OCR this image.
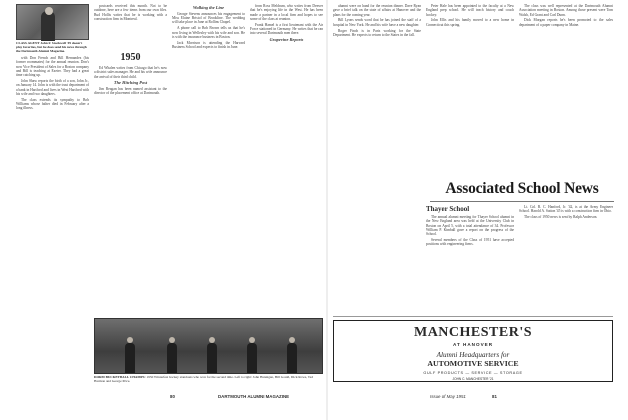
CLASS AGENT John F. Stockwell '49 doesn't play favorites, but he does send his news through the Dartmouth Alumni Magazine.

with Don French and Bill Hernandez (his former roommates) for the annual reunion. Don's now Vice President of Sales for a Boston company and Bill is teaching at Exeter. They had a great time catching up.

John Shaw reports the birth of a son, John Jr., on January 14. John is with the trust department of a bank in Hartford and lives in West Hartford with his wife and two daughters.

The class extends its sympathy to Bob Williams whose father died in February after a long illness.

postcards received this month. Not to be outdone, here are a few items from our own files. Bud Hollis writes that he is working with a construction firm in Montreal.

1950

Ed Whalen writes from Chicago that he's now a district sales manager. He and his wife announce the arrival of their third child.

The Hitching Post

Jim Reagan has been named assistant to the director of the placement office at Dartmouth.

Walking the Line

George Stevens announces his engagement to Miss Elaine Bristol of Brookline. The wedding will take place in June at Rollins Chapel.

A phone call to Bob Brown tells us that he's now living in Wellesley with his wife and son. He is with the insurance business in Boston.

Jack Morrison is attending the Harvard Business School and expects to finish in June.

from Ross Meldrum, who writes from Denver that he's enjoying life in the West. He has been made a partner in a local firm and hopes to see some of the class at reunion.

Frank Hamel is a first lieutenant with the Air Force stationed in Germany. He writes that he ran into several Dartmouth men there.

Grapevine Reports
DORM BUCKETBALL CHAMPS: 1950 Winterfest hockey standouts who won for the second time. Left to right: John Hannigan, Bill Gould, Dick Rowe, Ted Harmon and George Price.
80	DARTMOUTH ALUMNI MAGAZINE

alumni were on hand for the reunion dinner. Dave Ryan gave a brief talk on the state of affairs at Hanover and the plans for the coming year.

Bill Lyons sends word that he has joined the staff of a hospital in New York. He and his wife have a new daughter.

Roger Finch is in Paris working for the State Department. He expects to return to the States in the fall.

Peter Hale has been appointed to the faculty at a New England prep school. He will teach history and coach hockey.

John Ellis and his family moved to a new home in Connecticut this spring.

The class was well represented at the Dartmouth Alumni Association meeting in Boston. Among those present were Tom Walsh, Ed Grant and Carl Dunn.

Dick Morgan reports he's been promoted to the sales department of a paper company in Maine.

Associated School News
Thayer School

The annual alumni meeting for Thayer School alumni in the New England area was held at the University Club in Boston on April 5, with a total attendance of 34. Professor William P. Kimball gave a report on the progress of the School.

Several members of the Class of 1951 have accepted positions with engineering firms.

Lt. Col. R. C. Hanford, Jr. '42, is at the Army Engineer School. Harold A. Sutton '45 is with a construction firm in Ohio.

The class of 1950 news is sent by Ralph Anderson.

MANCHESTER'S
AT HANOVER
Alumni Headquarters for
AUTOMOTIVE SERVICE
GULF PRODUCTS — SERVICE — STORAGE
JOHN C. MANCHESTER '21
Issue of May 1951	81
